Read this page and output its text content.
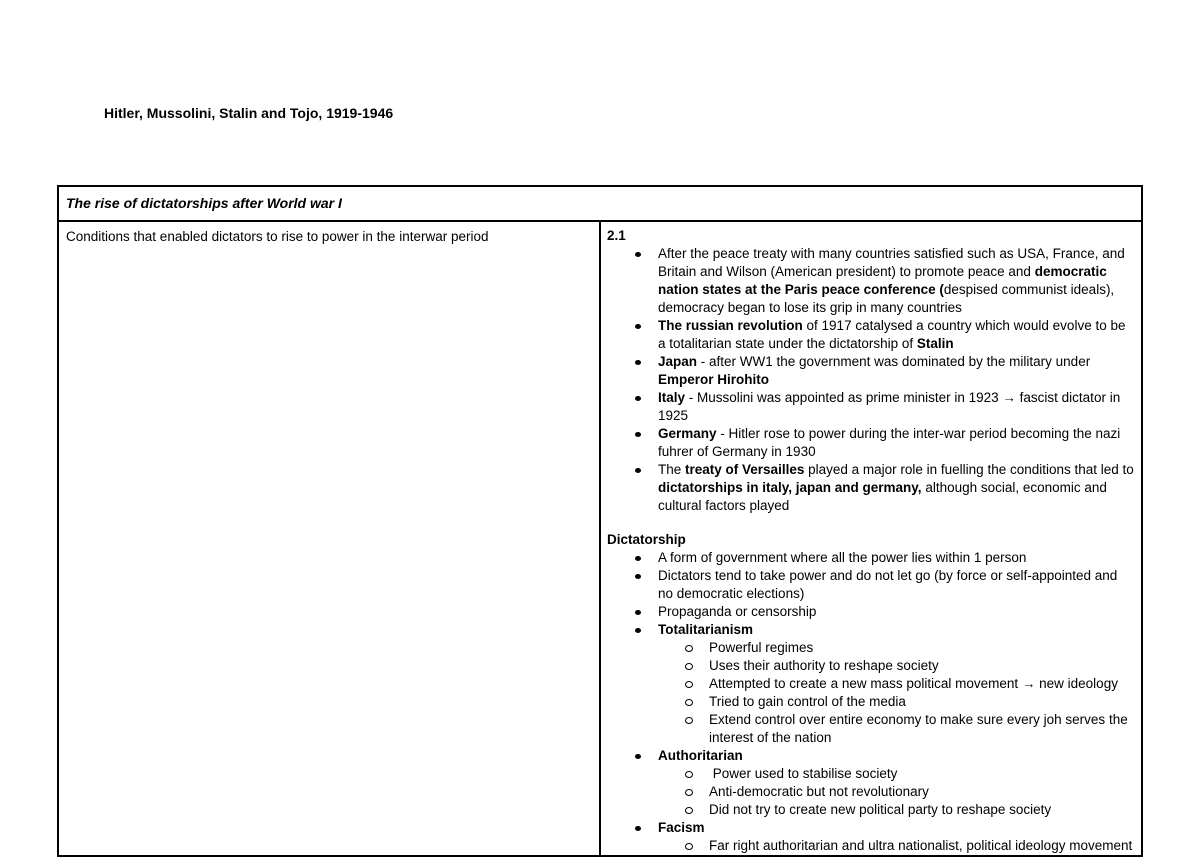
Hitler, Mussolini, Stalin and Tojo, 1919-1946
The rise of dictatorships after World war I
Conditions that enabled dictators to rise to power in the interwar period	2.1

After the peace treaty with many countries satisfied such as USA, France, and Britain and Wilson (American president) to promote peace and democratic nation states at the Paris peace conference (despised communist ideals), democracy began to lose its grip in many countries
The russian revolution of 1917 catalysed a country which would evolve to be a totalitarian state under the dictatorship of Stalin
Japan - after WW1 the government was dominated by the military under Emperor Hirohito
Italy - Mussolini was appointed as prime minister in 1923 → fascist dictator in 1925
Germany - Hitler rose to power during the inter-war period becoming the nazi fuhrer of Germany in 1930
The treaty of Versailles played a major role in fuelling the conditions that led to dictatorships in italy, japan and germany, although social, economic and cultural factors played

Dictatorship

A form of government where all the power lies within 1 person
Dictators tend to take power and do not let go (by force or self-appointed and no democratic elections)
Propaganda or censorship
Totalitarianism
Powerful regimes
Uses their authority to reshape society
Attempted to create a new mass political movement → new ideology
Tried to gain control of the media
Extend control over entire economy to make sure every joh serves the interest of the nation
Authoritarian
Power used to stabilise society
Anti-democratic but not revolutionary
Did not try to create new political party to reshape society
Facism
Far right authoritarian and ultra nationalist, political ideology movement
